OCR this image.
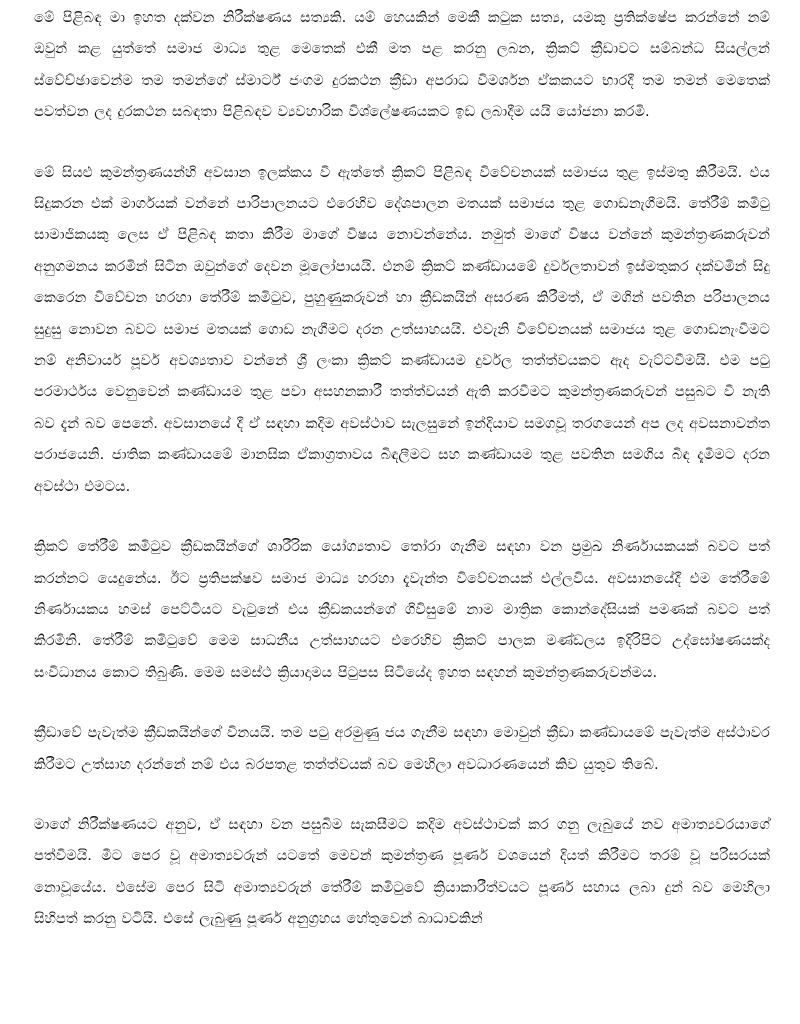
මේ පිළිබඳ මා ඉහත දක්වන නිරීක්ෂණය සත්‍යකි. යම් හෙයකින් මෙකී කටුක සත්‍ය, යමකු ප්‍රතික්ෂේප කරන්නේ නම් ඔවුන් කළ යුත්තේ සමාජ මාධ්‍ය තුළ මෙතෙක් එකී මත පළ කරනු ලබන, ක්‍රිකට් ක්‍රීඩාවට සම්බන්ධ සියල්ලන් ස්වේච්ඡාවෙන්ම තම තමන්ගේ ස්මාර්ට් ජංගම දුරකථන ක්‍රීඩා අපරාධ විමර්ශන ඒකකයට භාරදී තම තමන් මෙතෙක් පවත්වන ලද දුරකථන සබඳතා පිළිබඳව ව්‍යවහාරික විශ්ලේෂණයකට ඉඩ ලබාදීම යයි යෝජනා කරමි.

මේ සියළු කුමන්ත්‍රණයන්හි අවසාන ඉලක්කය වී ඇත්තේ ක්‍රිකට් පිළිබඳ විවේචනයක් සමාජය තුළ ඉස්මතු කිරීමයි. එය සිදුකරන එක් මාර්ගයක් වන්නේ පාරිපාලනයට එරෙහිව දේශපාලන මතයක් සමාජය තුළ ගොඩනැගීමයි. තේරීම් කමිටු සාමාජිකයකු ලෙස ඒ පිළිබඳ කතා කිරීම මාගේ විෂය නොවන්නේය. නමුත් මාගේ විෂය වන්නේ කුමන්ත්‍රණකරුවන් අනුගමනය කරමින් සිටින ඔවුන්ගේ දෙවන මූලෝපායයි. එනම් ක්‍රිකට් කණ්ඩායමේ දුර්වලතාවන් ඉස්මතුකර දක්වමින් සිදු කෙරෙන විවේචන හරහා තේරීම් කමිටුව, පුහුණුකරුවන් හා ක්‍රීඩකයින් අසරණ කිරීමත්, ඒ මගින් පවතින පරිපාලනය සුදුසු නොවන බවට සමාජ මතයක් ගොඩ නැගීමට දරන උත්සාහයයි. එවැනි විවේචනයක් සමාජය තුළ ගොඩනැංවීමට නම් අනිවාර්ය පූර්ව අවශ්‍යතාව වන්නේ ශ්‍රී ලංකා ක්‍රිකට් කණ්ඩායම දුර්වල තත්ත්වයකට ඇද වැට්ටවීමයි. එම පටු පරමාර්ථය වෙනුවෙන් කණ්ඩායම තුළ පවා අසහනකාරී තත්ත්වයන් ඇති කරවීමට කුමන්ත්‍රණකරුවන් පසුබට වී නැති බව දැන් බව පෙනේ. අවසානයේ දී ඒ සඳහා කදිම අවස්ථාව සැලසුනේ ඉන්දියාව සමගවූ තරගයෙන් අප ලද අවසනාවන්ත පරාජයෙනි. ජාතික කණ්ඩායමේ මානසික ඒකාග්‍රතාවය බිඳලීමට සහ කණ්ඩායම තුළ පවතින සමගිය බිඳ දැමීමට දරන අවස්ථා එමටය.

ක්‍රිකට් තේරීම් කමිටුව ක්‍රීඩකයින්ගේ ශාරීරික යෝග්‍යතාව තෝරා ගැනීම සඳහා වන ප්‍රමුඛ නිර්ණායකයක් බවට පත් කරන්නට යෙදුනේය. ඊට ප්‍රතිපක්ෂව සමාජ මාධ්‍ය හරහා දැවැන්ත විවේචනයක් එල්ලවිය. අවසානයේදී එම තේරීමේ නිර්ණායකය හමස් පෙට්ටියට වැටුනේ එය ක්‍රීඩකයන්ගේ ගිවිසුමේ නාම මාත්‍රික කොන්දේසියක් පමණක් බවට පත් කිරමිනි. තේරීම් කමිටුවේ මෙම සාධනීය උත්සාහයට එරෙහිව ක්‍රිකට් පාලක මණ්ඩලය ඉදිරිපිට උද්ඝෝෂණයක්ද සංවිධානය කොට තිබුණි. මෙම සමස්ථ ක්‍රියාදාමය පිටුපස සිටියේද ඉහත සඳහන් කුමන්ත්‍රණකරුවන්මය.

ක්‍රීඩාවේ පැවැත්ම ක්‍රීඩකයින්ගේ විනයයි. තම පටු අරමුණු ජය ගැනීම සඳහා මොවුන් ක්‍රීඩා කණ්ඩායමේ පැවැත්ම අස්ථාවර කිරීමට උත්සාහ දරන්නේ නම් එය බරපතළ තත්ත්වයක් බව මෙහිලා අවධාරණයෙන් කිව යුතුව තිබේ.

මාගේ නිරීක්ෂණයට අනුව, ඒ සඳහා වන පසුබිම සැකසීමට කදිම අවස්ථාවක් කර ගනු ලැබුයේ නව අමාත්‍යවරයාගේ පත්වීමයි. මීට පෙර වූ අමාත්‍යවරුන් යටතේ මෙවන් කුමන්ත්‍රණ පූර්ණ වශයෙන් දියත් කිරීමට තරම් වූ පරිසරයක් නොවූයේය. එසේම පෙර සිටි අමාත්‍යවරුන් තේරීම් කමිටුවේ ක්‍රියාකාරීත්වයට පූර්ණ සහාය ලබා දුන් බව මෙහිලා සිහිපත් කරනු වටියි. එසේ ලැබුණු පූර්ණ අනුග්‍රහය හේතුවෙන් බාධාවකින්
